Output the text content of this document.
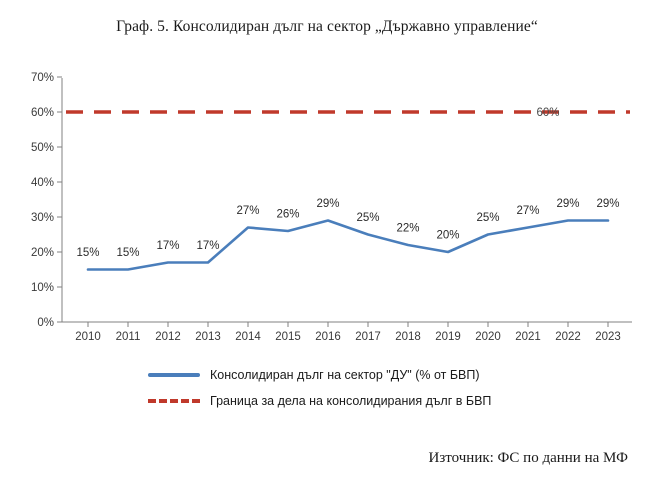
Граф. 5. Консолидиран дълг на сектор „Държавно управление“
0%
10%
20%
30%
40%
50%
60%
70%
2010 2011 2012 2013 2014 2015 2016 2017 2018 2019 2020 2021 2022 2023
60%
15% 15%
17% 17%
27% 26%
29%
25%
22%
20%
25%
27%
29% 29%
Консолидиран дълг на сектор "ДУ" (% от БВП)
Граница за дела на консолидирания дълг в БВП
Източник: ФС по данни на МФ
